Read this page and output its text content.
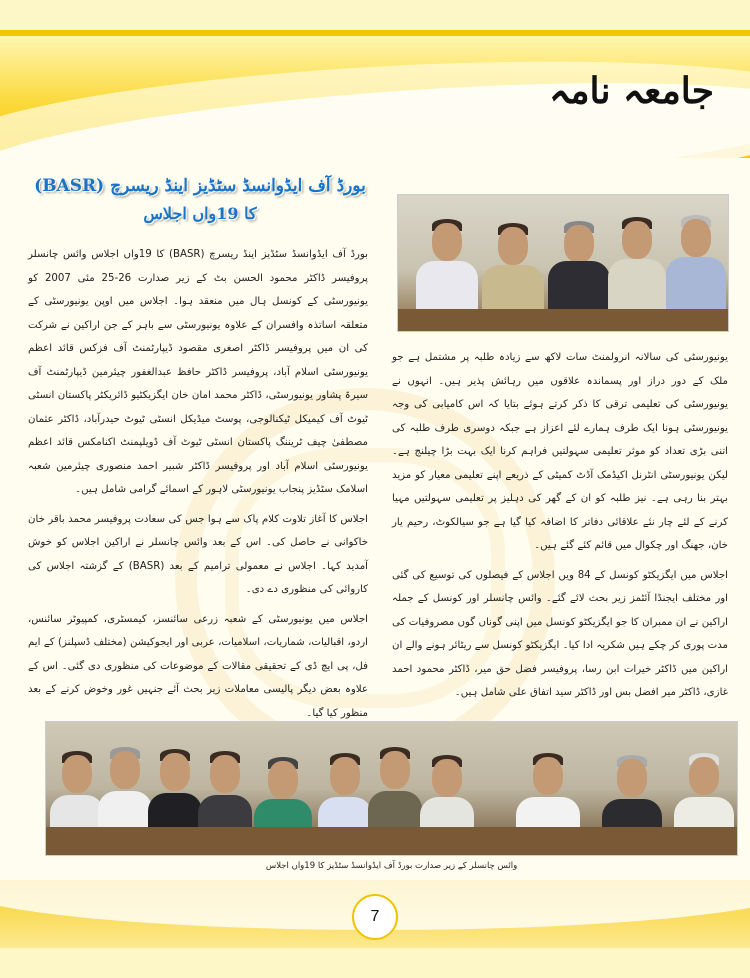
جامعہ نامہ
بورڈ آف ایڈوانسڈ سٹڈیز اینڈ ریسرچ (BASR)
کا 19واں اجلاس

بورڈ آف ایڈوانسڈ سٹڈیز اینڈ ریسرچ (BASR) کا 19واں اجلاس وائس چانسلر پروفیسر ڈاکٹر محمود الحسن بٹ کے زیر صدارت 26-25 مئی 2007 کو یونیورسٹی کے کونسل ہال میں منعقد ہوا۔ اجلاس میں اوپن یونیورسٹی کے متعلقہ اساتذہ وافسران کے علاوہ یونیورسٹی سے باہر کے جن اراکین نے شرکت کی ان میں پروفیسر ڈاکٹر اصغری مقصود ڈیپارٹمنٹ آف فزکس قائد اعظم یونیورسٹی اسلام آباد، پروفیسر ڈاکٹر حافظ عبدالغفور چیئرمین ڈیپارٹمنٹ آف سیرۃ پشاور یونیورسٹی، ڈاکٹر محمد امان خان ایگزیکٹیو ڈائریکٹر پاکستان انسٹی ٹیوٹ آف کیمیکل ٹیکنالوجی، پوسٹ میڈیکل انسٹی ٹیوٹ حیدرآباد، ڈاکٹر عثمان مصطفیٰ چیف ٹریننگ پاکستان انسٹی ٹیوٹ آف ڈویلپمنٹ اکنامکس قائد اعظم یونیورسٹی اسلام آباد اور پروفیسر ڈاکٹر شبیر احمد منصوری چیئرمین شعبہ اسلامک سٹڈیز پنجاب یونیورسٹی لاہور کے اسمائے گرامی شامل ہیں۔

اجلاس کا آغاز تلاوت کلام پاک سے ہوا جس کی سعادت پروفیسر محمد باقر خان خاکوانی نے حاصل کی۔ اس کے بعد وائس چانسلر نے اراکین اجلاس کو خوش آمدید کہا۔ اجلاس نے معمولی ترامیم کے بعد (BASR) کے گزشتہ اجلاس کی کاروائی کی منظوری دے دی۔

اجلاس میں یونیورسٹی کے شعبہ زرعی سائنسز، کیمسٹری، کمپیوٹر سائنس، اردو، اقبالیات، شماریات، اسلامیات، عربی اور ایجوکیشن (مختلف ڈسپلنز) کے ایم فل، پی ایچ ڈی کے تحقیقی مقالات کے موضوعات کی منظوری دی گئی۔ اس کے علاوہ بعض دیگر پالیسی معاملات زیر بحث آئے جنہیں غور وخوض کرنے کے بعد منظور کیا گیا۔

یونیورسٹی کی سالانہ انرولمنٹ سات لاکھ سے زیادہ طلبہ پر مشتمل ہے جو ملک کے دور دراز اور پسماندہ علاقوں میں رہائش پذیر ہیں۔ انہوں نے یونیورسٹی کی تعلیمی ترقی کا ذکر کرتے ہوئے بتایا کہ اس کامیابی کی وجہ یونیورسٹی ہونا ایک طرف ہمارے لئے اعزاز ہے جبکہ دوسری طرف طلبہ کی اتنی بڑی تعداد کو موثر تعلیمی سہولتیں فراہم کرنا ایک بہت بڑا چیلنج ہے۔ لیکن یونیورسٹی انٹرنل اکیڈمک آڈٹ کمیٹی کے ذریعے اپنے تعلیمی معیار کو مزید بہتر بنا رہی ہے۔ نیز طلبہ کو ان کے گھر کی دہلیز پر تعلیمی سہولتیں مہیا کرنے کے لئے چار نئے علاقائی دفاتر کا اضافہ کیا گیا ہے جو سیالکوٹ، رحیم یار خان، جھنگ اور چکوال میں قائم کئے گئے ہیں۔

اجلاس میں ایگزیکٹو کونسل کے 84 ویں اجلاس کے فیصلوں کی توسیع کی گئی اور مختلف ایجنڈا آئٹمز زیر بحث لائے گئے۔ وائس چانسلر اور کونسل کے جملہ اراکین نے ان ممبران کا جو ایگزیکٹو کونسل میں اپنی گوناں گوں مصروفیات کی مدت پوری کر چکے ہیں شکریہ ادا کیا۔ ایگزیکٹو کونسل سے ریٹائر ہونے والے ان اراکین میں ڈاکٹر خیرات ابن رسا، پروفیسر فضل حق میر، ڈاکٹر محمود احمد غازی، ڈاکٹر میر افضل بس اور ڈاکٹر سید اتفاق علی شامل ہیں۔

وائس چانسلر کے زیر صدارت بورڈ آف ایڈوانسڈ سٹڈیز کا 19واں اجلاس
7
